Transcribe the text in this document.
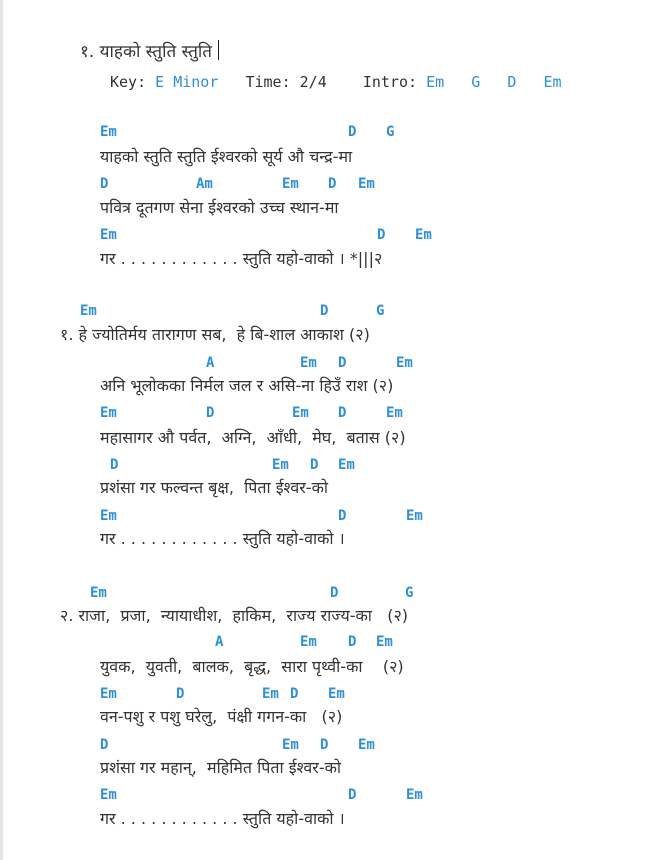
१. याहको स्तुति स्तुति
Key: E Minor Time: 2/4 Intro: Em G D Em
Em	D G
याहको स्तुति स्तुति ईश्वरको सूर्य औ चन्द्र-मा
D	Am	Em D Em
पवित्र दूतगण सेना ईश्वरको उच्च स्थान-मा
Em	D Em
गर . . . . . . . . . . . . स्तुति यहो-वाको । *|||२
Em	D	G
१. हे ज्योतिर्मय तारागण सब,  हे बि-शाल आकाश (२)
A	Em D	Em
अनि भूलोकका निर्मल जल र असि-ना हिउँ राश (२)
Em	D	Em D	Em
महासागर औ पर्वत,  अग्नि,  आँधी,  मेघ,  बतास (२)
D	Em D Em
प्रशंसा गर फल्वन्त बृक्ष,  पिता ईश्वर-को
Em	D	Em
गर . . . . . . . . . . . . स्तुति यहो-वाको ।
Em	D	G
२. राजा,  प्रजा,  न्यायाधीश,  हाकिम,  राज्य राज्य-का   (२)
A	Em D Em
युवक,  युवती,  बालक,  बृद्ध,  सारा पृथ्वी-का    (२)
Em	D	Em D Em
वन-पशु र पशु घरेलु,  पंक्षी गगन-का   (२)
D	Em D Em
प्रशंसा गर महान्,  महिमित पिता ईश्वर-को
Em	D	Em
गर . . . . . . . . . . . . स्तुति यहो-वाको ।
